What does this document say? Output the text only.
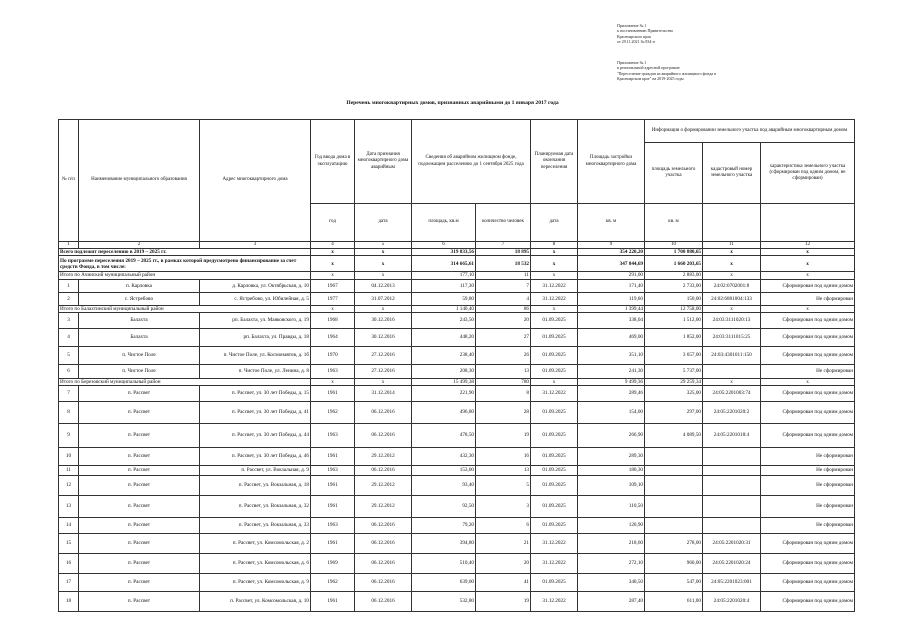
Приложение № 1
к постановлению Правительства
Красноярского края
от 29.11.2021 № 834-п
Приложение № 1
к региональной адресной программе
"Переселение граждан из аварийного жилищного фонда в
Красноярском крае" на 2019-2025 годы
Перечень многоквартирных домов, признанных аварийными до 1 января 2017 года
№ п/п	Наименование муниципального образования	Адрес многоквартирного дома	Год ввода дома в эксплуатацию	Дата признания многоквартирного дома аварийным	Сведения об аварийном жилищном фонде, подлежащем расселению до 1 сентября 2025 года		Планируемая дата окончания переселения	Площадь застройки многоквартирного дома	Информация о формировании земельного участка под аварийным многоквартирным домом		
									площадь земельного участка	кадастровый номер земельного участка	характеристика земельного участка (сформирован под одним домом, не сформирован)
			год	дата	площадь, кв.м	количество человек	дата	кв. м	кв. м		
1	2	3	4	5	6	7	8	9	10	11	12
Всего подлежит переселению в 2019 – 2025 гг.			х	х	319 833,56	18 895	х	354 220,20	1 700 880,65	х	х
По программе переселения 2019 – 2025 гг., в рамках которой предусмотрено финансирование за счет средств Фонда, в том числе:			х	х	314 665,61	18 532	х	347 844,69	1 660 203,65	х	х
Итого по Ачинский муниципальный район			х	х	177,10	11	х	291,00	2 883,00	х	х
1	п. Карловка	д. Карловка, ул. Октябрьская, д. 10	1967	04.12.2013	117,30	7	31.12.2022	171,40	2 733,00	24:02:0702001:8	Сформирован под одним домом
2	с. Ястребово	с. Ястребово, ул. Юбилейная, д. 5	1977	31.07.2012	59,80	4	31.12.2022	119,60	150,00	24:02:6801004:133	Не сформирован
Итого по Балахтинский муниципальный район			х	х	1 140,40	86	х	1 399,44	12 758,00	х	х
3	Балахта	рп. Балахта, ул. Маяковского, д. 19	1968	30.12.2016	243,50	20	01.09.2025	338,04	1 512,00	24:03:3111020:13	Сформирован под одним домом
4	Балахта	рп. Балахта, ул. Правды, д. 18	1964	30.12.2016	448,20	27	01.09.2025	469,00	1 852,00	24:03:3111015:25	Сформирован под одним домом
5	п. Чистое Поле	п. Чистое Поле, ул. Космонавтов, д. 1б	1970	27.12.2016	238,40	26	01.09.2025	351,10	3 657,00	24:03:4301011:150	Сформирован под одним домом
6	п. Чистое Поле	п. Чистое Поле, ул. Ленина, д. 8	1963	27.12.2016	208,30	13	01.09.2025	241,30	5 737,00		Не сформирован
Итого по Березовский муниципальный район			х	х	15 499,38	780	х	9 499,36	29 259,34	х	х
7	п. Рассвет	п. Рассвет, ул. 30 лет Победы, д. 15	1961	31.12.2014	221,90	8	31.12.2022	289,46	325,00	24:05:2201003:74	Сформирован под одним домом
8	п. Рассвет	п. Рассвет, ул. 30 лет Победы, д. 41	1962	06.12.2016	496,80	28	01.09.2025	154,00	297,00	24:05:2201020:2	Сформирован под одним домом
9	п. Рассвет	п. Рассвет, ул. 30 лет Победы, д. 44	1963	06.12.2016	478,50	19	01.09.2025	266,90	4 089,50	24:05:2201018:4	Сформирован под одним домом
10	п. Рассвет	п. Рассвет, ул. 30 лет Победы, д. 46	1961	29.12.2012	432,30	16	01.09.2025	289,30			Не сформирован
11	п. Рассвет	п. Рассвет, ул. Вокзальная, д. 9	1963	06.12.2016	153,00	13	01.09.2025	180,30			Не сформирован
12	п. Рассвет	п. Рассвет, ул. Вокзальная, д. 18	1961	29.12.2012	93,40	5	01.09.2025	109,10			Не сформирован
13	п. Рассвет	п. Рассвет, ул. Вокзальная, д. 32	1961	29.12.2012	92,50	3	01.09.2025	110,50			Не сформирован
14	п. Рассвет	п. Рассвет, ул. Вокзальная, д. 33	1963	06.12.2016	79,20	6	01.09.2025	120,90			Не сформирован
15	п. Рассвет	п. Рассвет, ул. Комсомольская, д. 2	1961	06.12.2016	394,80	21	31.12.2022	218,60	278,00	24:05:2201020:31	Сформирован под одним домом
16	п. Рассвет	п. Рассвет, ул. Комсомольская, д. 6	1969	06.12.2016	510,40	20	31.12.2022	272,10	960,00	24:05:2201020:24	Сформирован под одним домом
17	п. Рассвет	п. Рассвет, ул. Комсомольская, д. 9	1962	06.12.2016	639,00	41	01.09.2025	340,50	547,00	24:05:2201023:001	Сформирован под одним домом
18	п. Рассвет	п. Рассвет, ул. Комсомольская, д. 10	1961	06.12.2016	532,80	19	31.12.2022	287,40	611,00	24:05:2201020:4	Сформирован под одним домом
